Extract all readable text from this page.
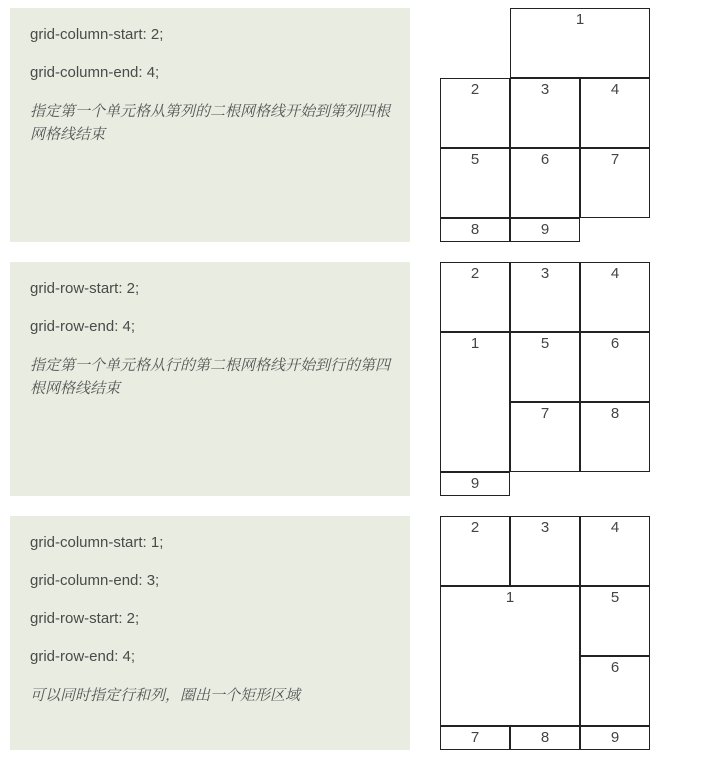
grid-column-start: 2;
grid-column-end: 4;
指定第一个单元格从第列的二根网格线开始到第列四根网格线结束
1
2	3	4
5	6	7
8	9
grid-row-start: 2;
grid-row-end: 4;
指定第一个单元格从行的第二根网格线开始到行的第四根网格线结束
2	3	4
1	5	6
7	8
9
grid-column-start: 1;
grid-column-end: 3;
grid-row-start: 2;
grid-row-end: 4;
可以同时指定行和列，圈出一个矩形区域
2	3	4
1	5
6
7	8	9
